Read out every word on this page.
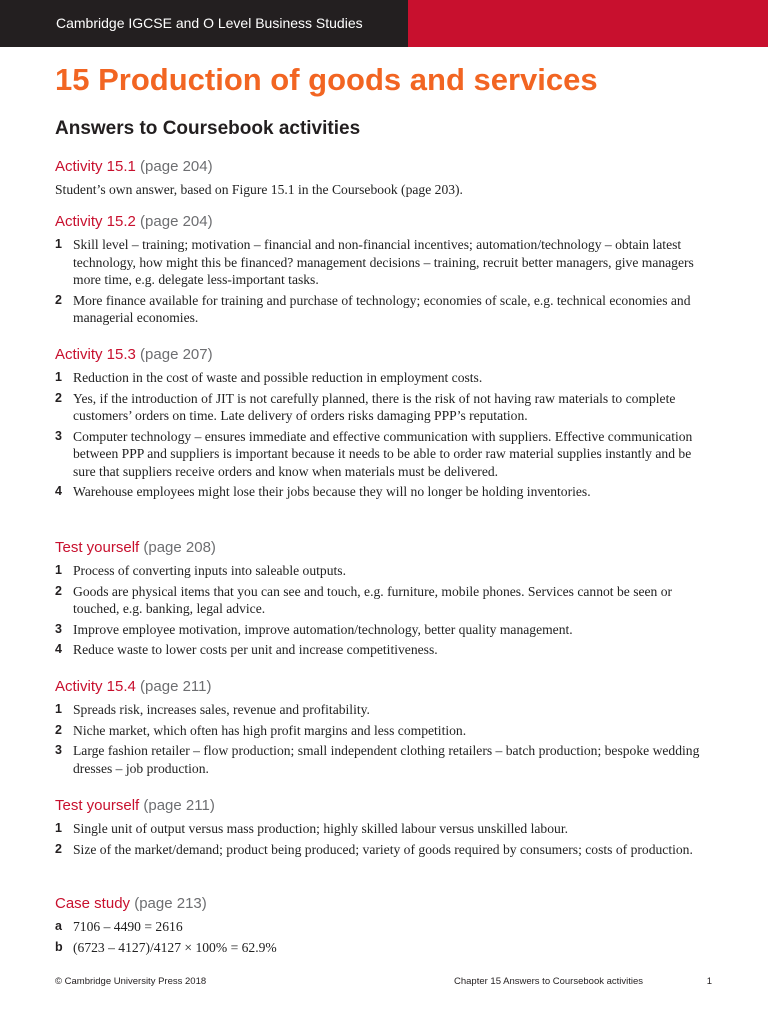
Cambridge IGCSE and O Level Business Studies
15 Production of goods and services
Answers to Coursebook activities
Activity 15.1 (page 204)

Student’s own answer, based on Figure 15.1 in the Coursebook (page 203).

Activity 15.2 (page 204)
1 Skill level – training; motivation – financial and non-financial incentives; automation/technology – obtain latest technology, how might this be financed? management decisions – training, recruit better managers, give managers more time, e.g. delegate less-important tasks.
2 More finance available for training and purchase of technology; economies of scale, e.g. technical economies and managerial economies.
Activity 15.3 (page 207)
1 Reduction in the cost of waste and possible reduction in employment costs.
2 Yes, if the introduction of JIT is not carefully planned, there is the risk of not having raw materials to complete customers’ orders on time. Late delivery of orders risks damaging PPP’s reputation.
3 Computer technology – ensures immediate and effective communication with suppliers. Effective communication between PPP and suppliers is important because it needs to be able to order raw material supplies instantly and be sure that suppliers receive orders and know when materials must be delivered.
4 Warehouse employees might lose their jobs because they will no longer be holding inventories.
Test yourself (page 208)
1 Process of converting inputs into saleable outputs.
2 Goods are physical items that you can see and touch, e.g. furniture, mobile phones. Services cannot be seen or touched, e.g. banking, legal advice.
3 Improve employee motivation, improve automation/technology, better quality management.
4 Reduce waste to lower costs per unit and increase competitiveness.
Activity 15.4 (page 211)
1 Spreads risk, increases sales, revenue and profitability.
2 Niche market, which often has high profit margins and less competition.
3 Large fashion retailer – flow production; small independent clothing retailers – batch production; bespoke wedding dresses – job production.
Test yourself (page 211)
1 Single unit of output versus mass production; highly skilled labour versus unskilled labour.
2 Size of the market/demand; product being produced; variety of goods required by consumers; costs of production.
Case study (page 213)
a 7106 – 4490 = 2616
b (6723 – 4127)/4127 × 100% = 62.9%
© Cambridge University Press 2018	Chapter 15 Answers to Coursebook activities	1
